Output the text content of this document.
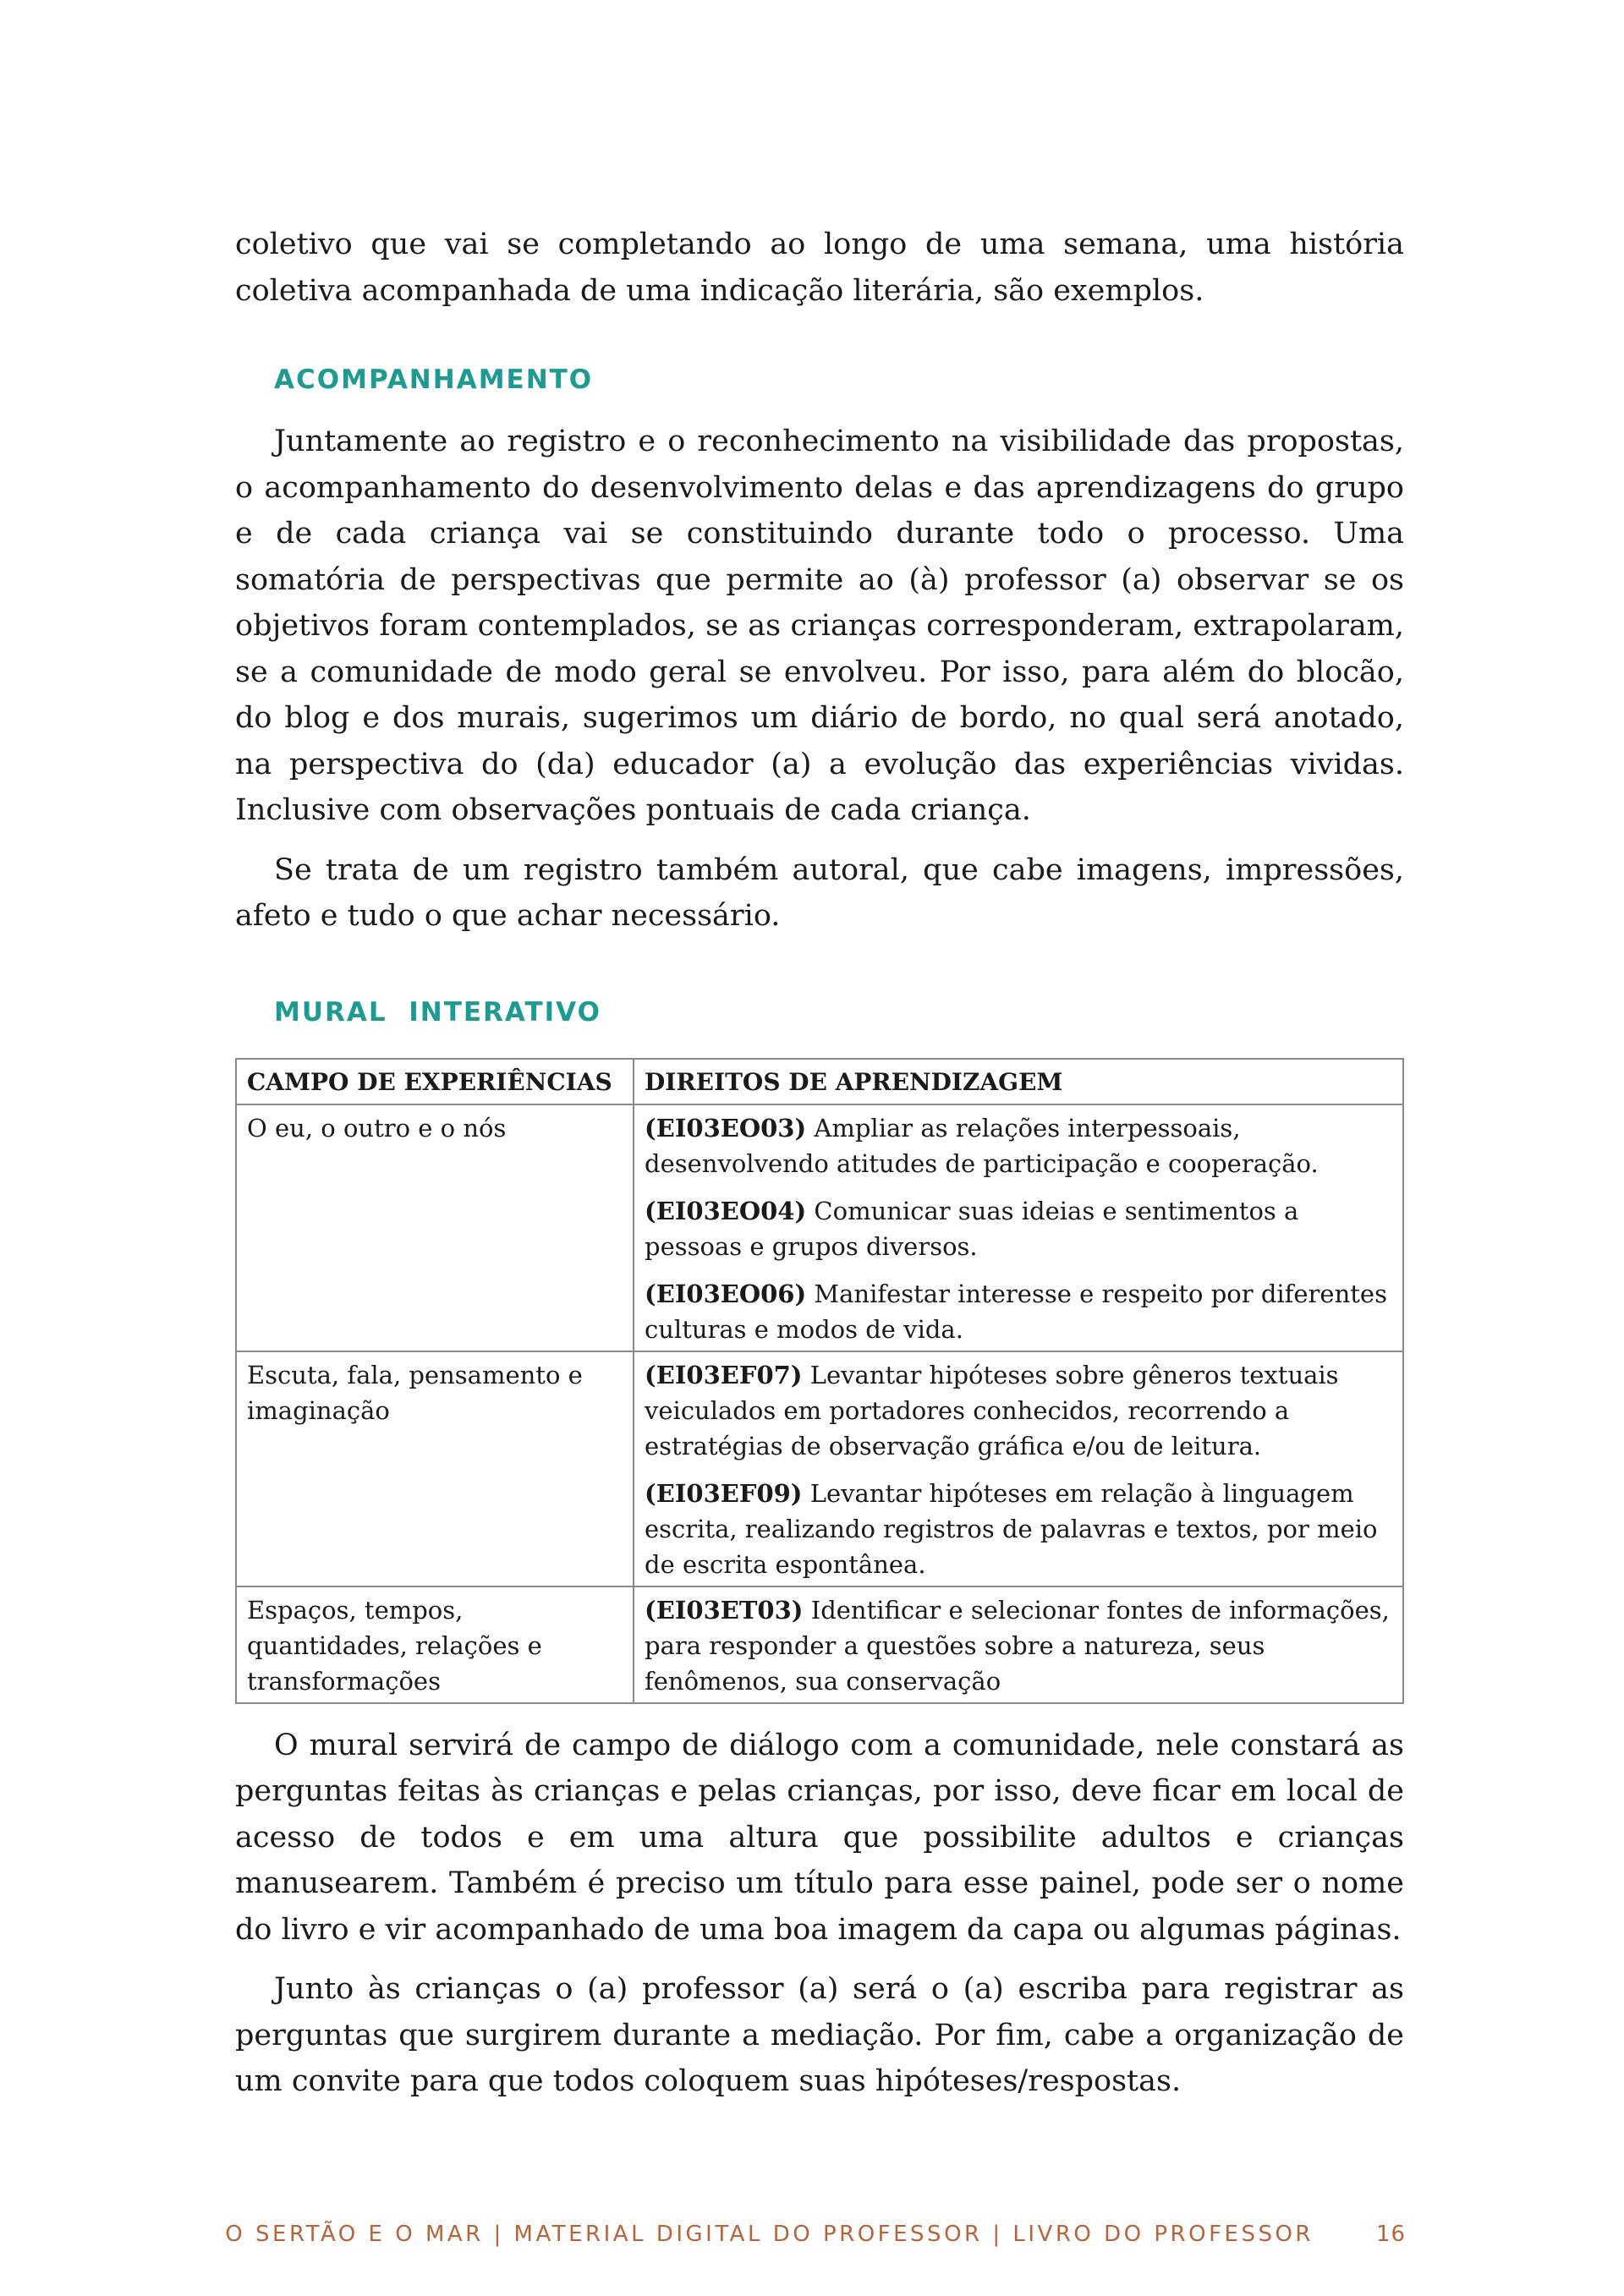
coletivo que vai se completando ao longo de uma semana, uma história coletiva acompanhada de uma indicação literária, são exemplos.

ACOMPANHAMENTO

Juntamente ao registro e o reconhecimento na visibilidade das propostas, o acompanhamento do desenvolvimento delas e das aprendizagens do grupo e de cada criança vai se constituindo durante todo o processo. Uma somatória de perspectivas que permite ao (à) professor (a) observar se os objetivos foram contemplados, se as crianças corresponderam, extrapolaram, se a comunidade de modo geral se envolveu. Por isso, para além do blocão, do blog e dos murais, sugerimos um diário de bordo, no qual será anotado, na perspectiva do (da) educador (a) a evolução das experiências vividas. Inclusive com observações pontuais de cada criança.

Se trata de um registro também autoral, que cabe imagens, impressões, afeto e tudo o que achar necessário.

MURAL  INTERATIVO
CAMPO DE EXPERIÊNCIAS	DIREITOS DE APRENDIZAGEM
O eu, o outro e o nós	(EI03EO03) Ampliar as relações interpessoais, desenvolvendo atitudes de participação e cooperação.

(EI03EO04) Comunicar suas ideias e sentimentos a pessoas e grupos diversos.

(EI03EO06) Manifestar interesse e respeito por diferentes culturas e modos de vida.

Escuta, fala, pensamento e imaginação	(EI03EF07) Levantar hipóteses sobre gêneros textuais veiculados em portadores conhecidos, recorrendo a estratégias de observação gráfica e/ou de leitura.

(EI03EF09) Levantar hipóteses em relação à linguagem escrita, realizando registros de palavras e textos, por meio de escrita espontânea.

Espaços, tempos, quantidades, relações e transformações	(EI03ET03) Identificar e selecionar fontes de informações, para responder a questões sobre a natureza, seus fenômenos, sua conservação

O mural servirá de campo de diálogo com a comunidade, nele constará as perguntas feitas às crianças e pelas crianças, por isso, deve ficar em local de acesso de todos e em uma altura que possibilite adultos e crianças manusearem. Também é preciso um título para esse painel, pode ser o nome do livro e vir acompanhado de uma boa imagem da capa ou algumas páginas.

Junto às crianças o (a) professor (a) será o (a) escriba para registrar as perguntas que surgirem durante a mediação. Por fim, cabe a organização de um convite para que todos coloquem suas hipóteses/respostas.

O SERTÃO E O MAR | MATERIAL DIGITAL DO PROFESSOR | LIVRO DO PROFESSOR	16
